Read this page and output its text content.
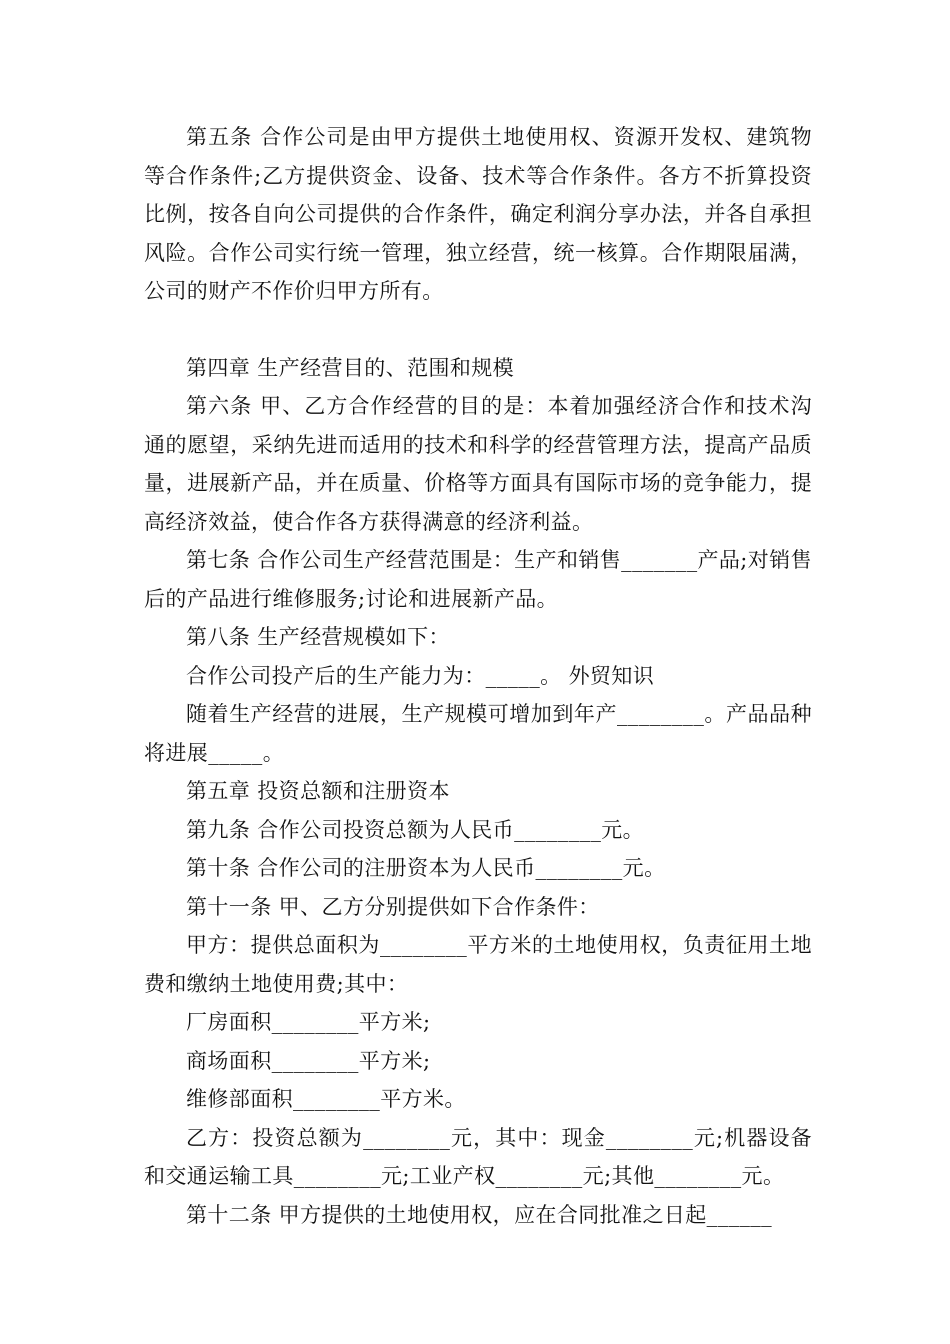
第五条 合作公司是由甲方提供土地使用权、资源开发权、建筑物等合作条件;乙方提供资金、设备、技术等合作条件。各方不折算投资比例，按各自向公司提供的合作条件，确定利润分享办法，并各自承担风险。合作公司实行统一管理，独立经营，统一核算。合作期限届满，公司的财产不作价归甲方所有。

第四章 生产经营目的、范围和规模

第六条 甲、乙方合作经营的目的是：本着加强经济合作和技术沟通的愿望，采纳先进而适用的技术和科学的经营管理方法，提高产品质量，进展新产品，并在质量、价格等方面具有国际市场的竞争能力，提高经济效益，使合作各方获得满意的经济利益。

第七条 合作公司生产经营范围是：生产和销售_______产品;对销售后的产品进行维修服务;讨论和进展新产品。

第八条 生产经营规模如下：

合作公司投产后的生产能力为：_____。 外贸知识

随着生产经营的进展，生产规模可增加到年产________。产品品种将进展_____。

第五章 投资总额和注册资本

第九条 合作公司投资总额为人民币________元。

第十条 合作公司的注册资本为人民币________元。

第十一条 甲、乙方分别提供如下合作条件：

甲方：提供总面积为________平方米的土地使用权，负责征用土地费和缴纳土地使用费;其中：

厂房面积________平方米;

商场面积________平方米;

维修部面积________平方米。

乙方：投资总额为________元，其中：现金________元;机器设备和交通运输工具________元;工业产权________元;其他________元。

第十二条 甲方提供的土地使用权，应在合同批准之日起______
